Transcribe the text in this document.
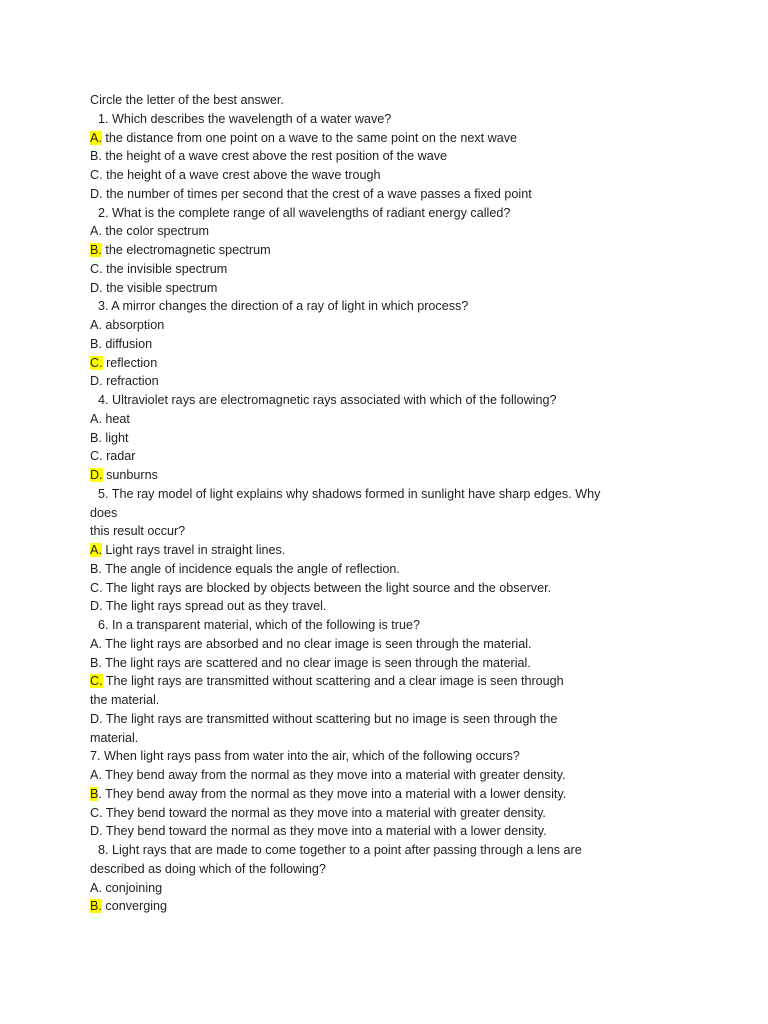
Circle the letter of the best answer.
1. Which describes the wavelength of a water wave?
A. the distance from one point on a wave to the same point on the next wave
B. the height of a wave crest above the rest position of the wave
C. the height of a wave crest above the wave trough
D. the number of times per second that the crest of a wave passes a fixed point
2. What is the complete range of all wavelengths of radiant energy called?
A. the color spectrum
B. the electromagnetic spectrum
C. the invisible spectrum
D. the visible spectrum
3. A mirror changes the direction of a ray of light in which process?
A. absorption
B. diffusion
C. reflection
D. refraction
4. Ultraviolet rays are electromagnetic rays associated with which of the following?
A. heat
B. light
C. radar
D. sunburns
5. The ray model of light explains why shadows formed in sunlight have sharp edges. Why
does
this result occur?
A. Light rays travel in straight lines.
B. The angle of incidence equals the angle of reflection.
C. The light rays are blocked by objects between the light source and the observer.
D. The light rays spread out as they travel.
6. In a transparent material, which of the following is true?
A. The light rays are absorbed and no clear image is seen through the material.
B. The light rays are scattered and no clear image is seen through the material.
C. The light rays are transmitted without scattering and a clear image is seen through
the material.
D. The light rays are transmitted without scattering but no image is seen through the
material.
7. When light rays pass from water into the air, which of the following occurs?
A. They bend away from the normal as they move into a material with greater density.
B. They bend away from the normal as they move into a material with a lower density.
C. They bend toward the normal as they move into a material with greater density.
D. They bend toward the normal as they move into a material with a lower density.
8. Light rays that are made to come together to a point after passing through a lens are
described as doing which of the following?
A. conjoining
B. converging
